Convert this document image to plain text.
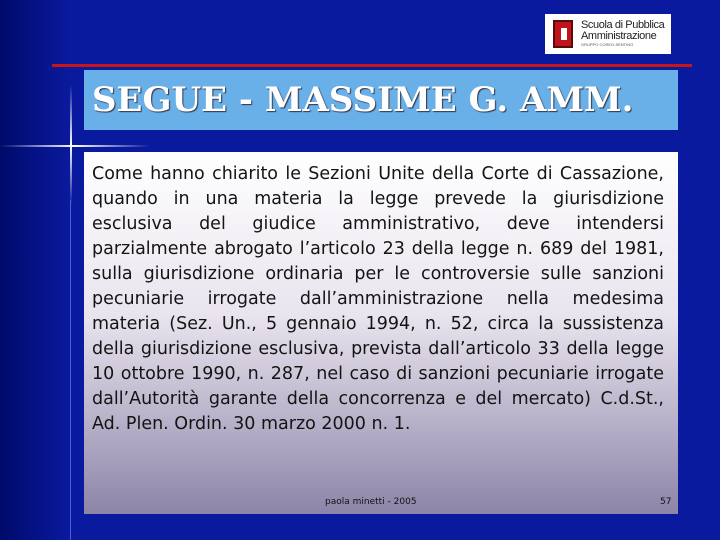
Scuola di Pubblica
Amministrazione
GRUPPO COREO-SENTINO
SEGUE - MASSIME G. AMM.

Come hanno chiarito le Sezioni Unite della Corte di Cassazione, quando in una materia la legge prevede la giurisdizione esclusiva del giudice amministrativo, deve intendersi parzialmente abrogato l’articolo 23 della legge n. 689 del 1981, sulla giurisdizione ordinaria per le controversie sulle sanzioni pecuniarie irrogate dall’amministrazione nella medesima materia (Sez. Un., 5 gennaio 1994, n. 52, circa la sussistenza della giurisdizione esclusiva, prevista dall’articolo 33 della legge 10 ottobre 1990, n. 287, nel caso di sanzioni pecuniarie irrogate dall’Autorità garante della concorrenza e del mercato) C.d.St., Ad. Plen. Ordin. 30 marzo 2000 n. 1.

paola minetti - 2005	57
